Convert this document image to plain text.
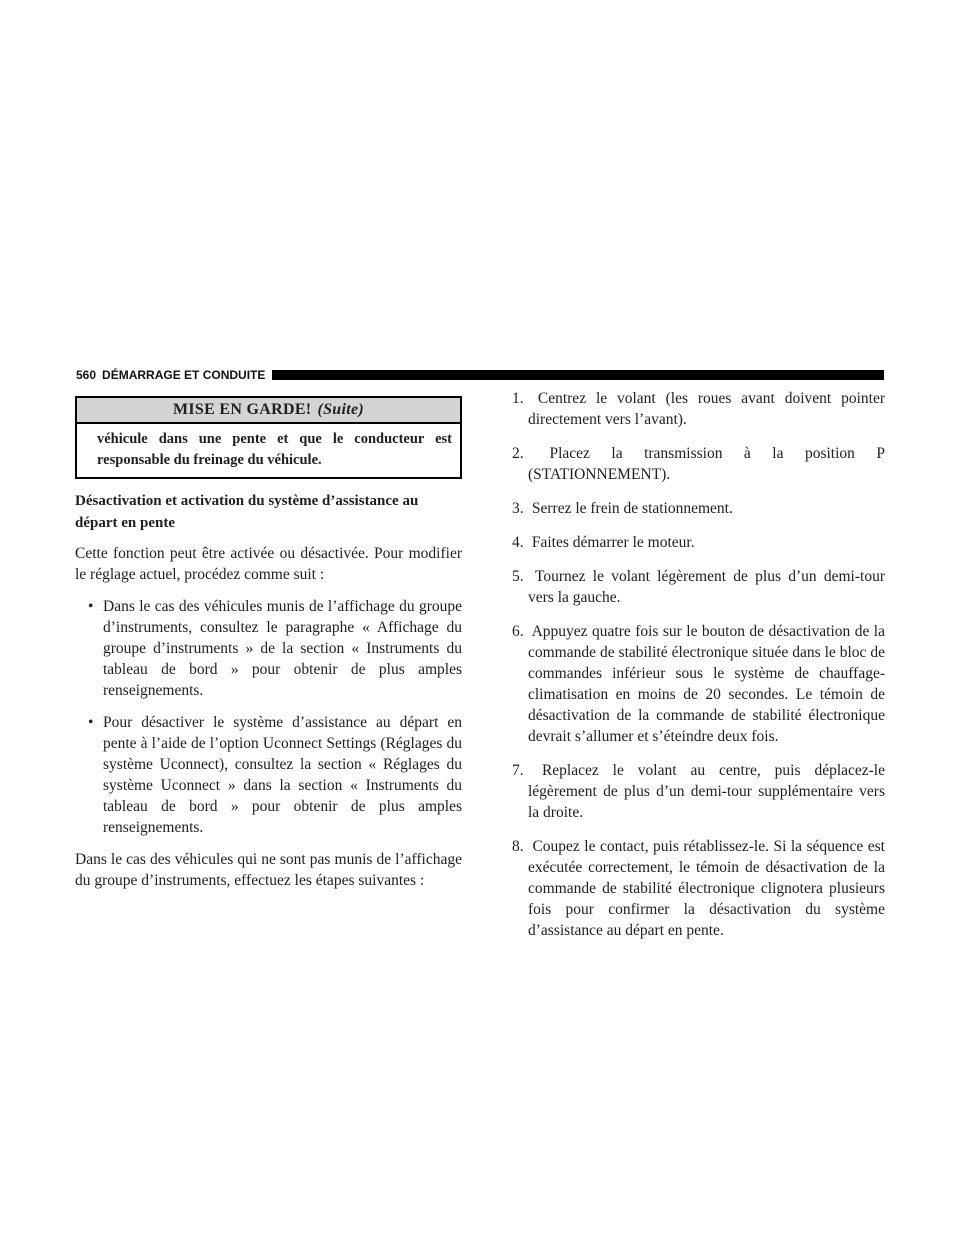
560 DÉMARRAGE ET CONDUITE
MISE EN GARDE! (Suite)
véhicule dans une pente et que le conducteur est responsable du freinage du véhicule.
Désactivation et activation du système d’assistance au départ en pente

Cette fonction peut être activée ou désactivée. Pour modifier le réglage actuel, procédez comme suit :

• Dans le cas des véhicules munis de l’affichage du groupe d’instruments, consultez le paragraphe « Affichage du groupe d’instruments » de la section « Instruments du tableau de bord » pour obtenir de plus amples renseignements.
• Pour désactiver le système d’assistance au départ en pente à l’aide de l’option Uconnect Settings (Réglages du système Uconnect), consultez la section « Réglages du système Uconnect » dans la section « Instruments du tableau de bord » pour obtenir de plus amples renseignements.

Dans le cas des véhicules qui ne sont pas munis de l’affichage du groupe d’instruments, effectuez les étapes suivantes :

1. Centrez le volant (les roues avant doivent pointer directement vers l’avant).
2. Placez la transmission à la position P (STATIONNEMENT).
3. Serrez le frein de stationnement.
4. Faites démarrer le moteur.
5. Tournez le volant légèrement de plus d’un demi-tour vers la gauche.
6. Appuyez quatre fois sur le bouton de désactivation de la commande de stabilité électronique située dans le bloc de commandes inférieur sous le système de chauffage-climatisation en moins de 20 secondes. Le témoin de désactivation de la commande de stabilité électronique devrait s’allumer et s’éteindre deux fois.
7. Replacez le volant au centre, puis déplacez-le légèrement de plus d’un demi-tour supplémentaire vers la droite.
8. Coupez le contact, puis rétablissez-le. Si la séquence est exécutée correctement, le témoin de désactivation de la commande de stabilité électronique clignotera plusieurs fois pour confirmer la désactivation du système d’assistance au départ en pente.
